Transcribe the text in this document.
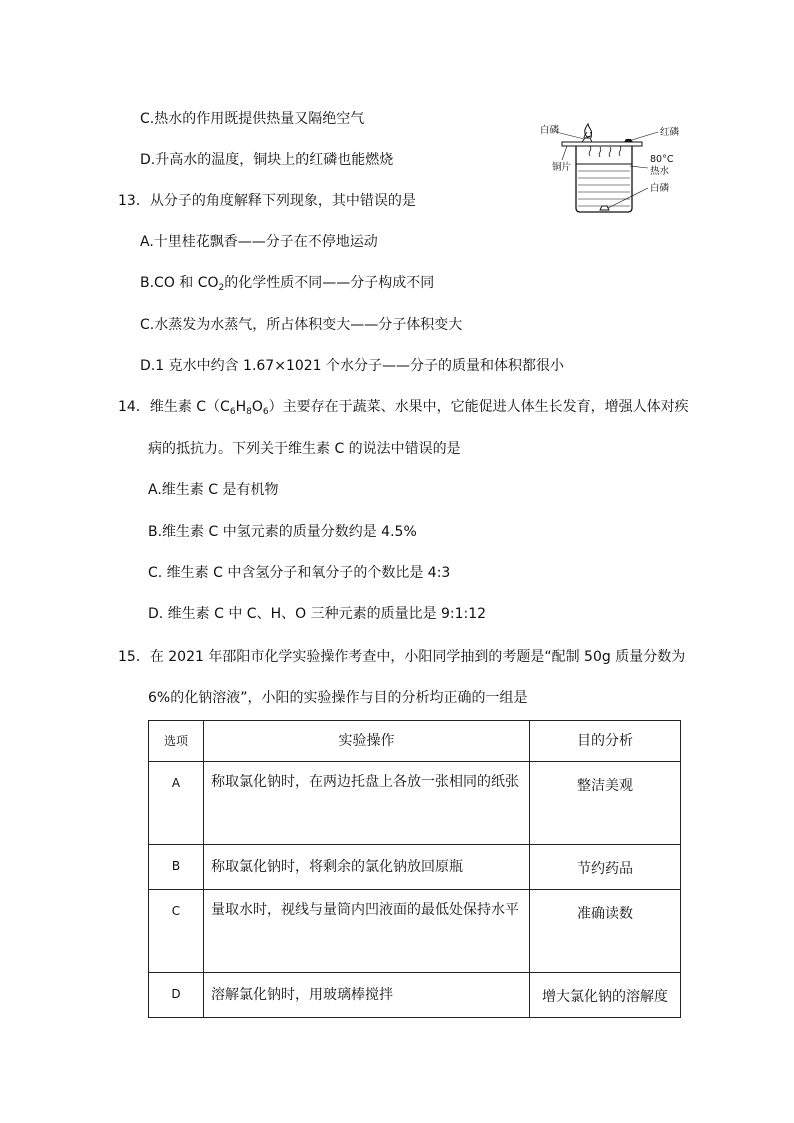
C.热水的作用既提供热量又隔绝空气
D.升高水的温度，铜块上的红磷也能燃烧
白磷	红磷
铜片
80°C
热水
白磷
13．从分子的角度解释下列现象，其中错误的是
A.十里桂花飘香——分子在不停地运动
B.CO 和 $CO_2$的化学性质不同——分子构成不同
C.水蒸发为水蒸气，所占体积变大——分子体积变大
D.1 克水中约含 1.67×1021 个水分子——分子的质量和体积都很小
14．维生素 $C(C_6H_8O_6)$主要存在于蔬菜、水果中，它能促进人体生长发育，增强人体对疾
病的抵抗力。下列关于维生素 C 的说法中错误的是
A.维生素 C 是有机物
B.维生素 C 中氢元素的质量分数约是 4.5%
C. 维生素 C 中含氢分子和氧分子的个数比是 4:3
D. 维生素 C 中 C、H、O 三种元素的质量比是 9:1:12
15．在 2021 年邵阳市化学实验操作考查中，小阳同学抽到的考题是“配制 50g 质量分数为
6%的化钠溶液”，小阳的实验操作与目的分析均正确的一组是
选项	实验操作	目的分析
A	称取氯化钠时，在两边托盘上各放一张相同的纸张	整洁美观
B	称取氯化钠时，将剩余的氯化钠放回原瓶	节约药品
C	量取水时，视线与量筒内凹液面的最低处保持水平	准确读数
D	溶解氯化钠时，用玻璃棒搅拌	增大氯化钠的溶解度
